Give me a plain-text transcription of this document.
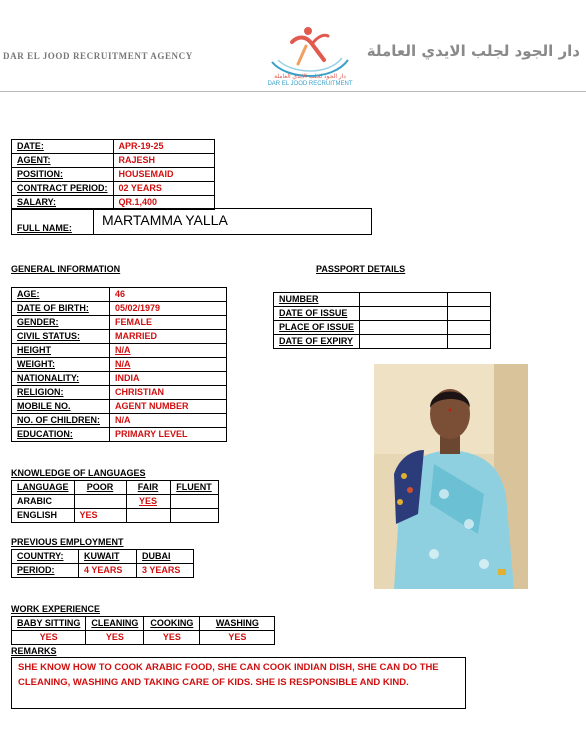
DAR EL JOOD RECRUITMENT AGENCY	دار الجود لجلب الايدي العاملة
دار الجود لجلب الايدي العاملة
DAR EL JOOD RECRUITMENT
DATE:	APR-19-25
AGENT:	RAJESH
POSITION:	HOUSEMAID
CONTRACT PERIOD:	02 YEARS
SALARY:	QR.1,400
FULL NAME:	MARTAMMA YALLA
GENERAL INFORMATION	PASSPORT DETAILS
AGE:	46
DATE OF BIRTH:	05/02/1979
GENDER:	FEMALE
CIVIL STATUS:	MARRIED
HEIGHT	N/A
WEIGHT:	N/A
NATIONALITY:	INDIA
RELIGION:	CHRISTIAN
MOBILE NO.	AGENT NUMBER
NO. OF CHILDREN:	N/A
EDUCATION:	PRIMARY LEVEL
NUMBER		
DATE OF ISSUE		
PLACE OF ISSUE		
DATE OF EXPIRY		
KNOWLEDGE OF LANGUAGES
LANGUAGE	POOR	FAIR	FLUENT
ARABIC		YES	
ENGLISH	YES		
PREVIOUS EMPLOYMENT
COUNTRY:	KUWAIT	DUBAI
PERIOD:	4 YEARS	3 YEARS
WORK EXPERIENCE
BABY SITTING	CLEANING	COOKING	WASHING
YES	YES	YES	YES
REMARKS
SHE KNOW HOW TO COOK ARABIC FOOD, SHE CAN COOK INDIAN DISH, SHE CAN DO THE CLEANING, WASHING AND TAKING CARE OF KIDS. SHE IS RESPONSIBLE AND KIND.
